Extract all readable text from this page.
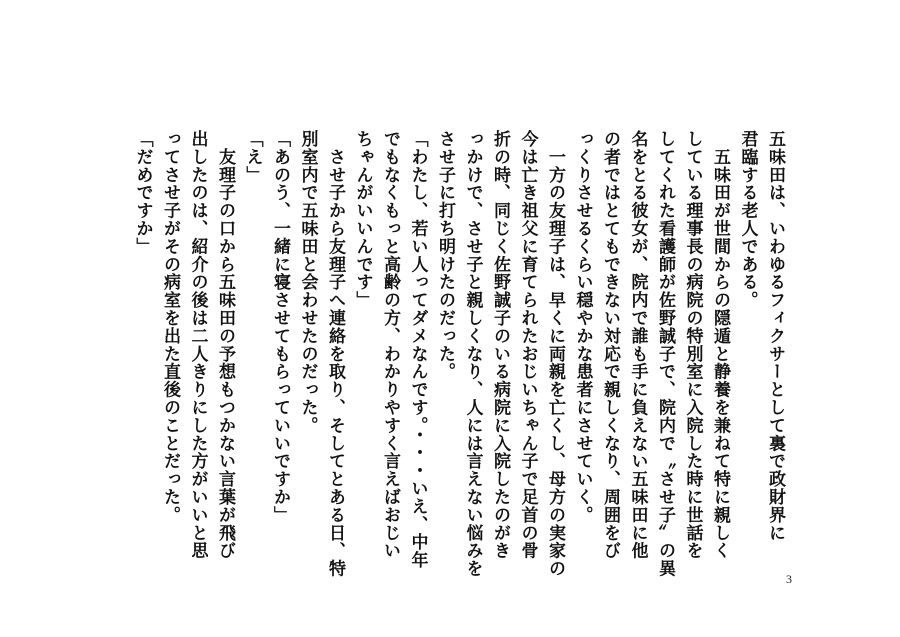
五味田は、いわゆるフィクサーとして裏で政財界に
君臨する老人である。
　五味田が世間からの隠遁と静養を兼ねて特に親しく
している理事長の病院の特別室に入院した時に世話を
してくれた看護師が佐野誠子で、院内で〝させ子〟の異
名をとる彼女が、院内で誰も手に負えない五味田に他
の者ではとてもできない対応で親しくなり、周囲をび
っくりさせるくらい穏やかな患者にさせていく。
　一方の友理子は、早くに両親を亡くし、母方の実家の
今は亡き祖父に育てられたおじいちゃん子で足首の骨
折の時、同じく佐野誠子のいる病院に入院したのがき
っかけで、させ子と親しくなり、人には言えない悩みを
させ子に打ち明けたのだった。
「わたし、若い人ってダメなんです。・・・いえ、中年
でもなくもっと高齢の方、わかりやすく言えばおじい
ちゃんがいいんです」
　させ子から友理子へ連絡を取り、そしてとある日、特
別室内で五味田と会わせたのだった。
「あのう、一緒に寝させてもらっていいですか」
「え」
　友理子の口から五味田の予想もつかない言葉が飛び
出したのは、紹介の後は二人きりにした方がいいと思
ってさせ子がその病室を出た直後のことだった。
「だめですか」
3
